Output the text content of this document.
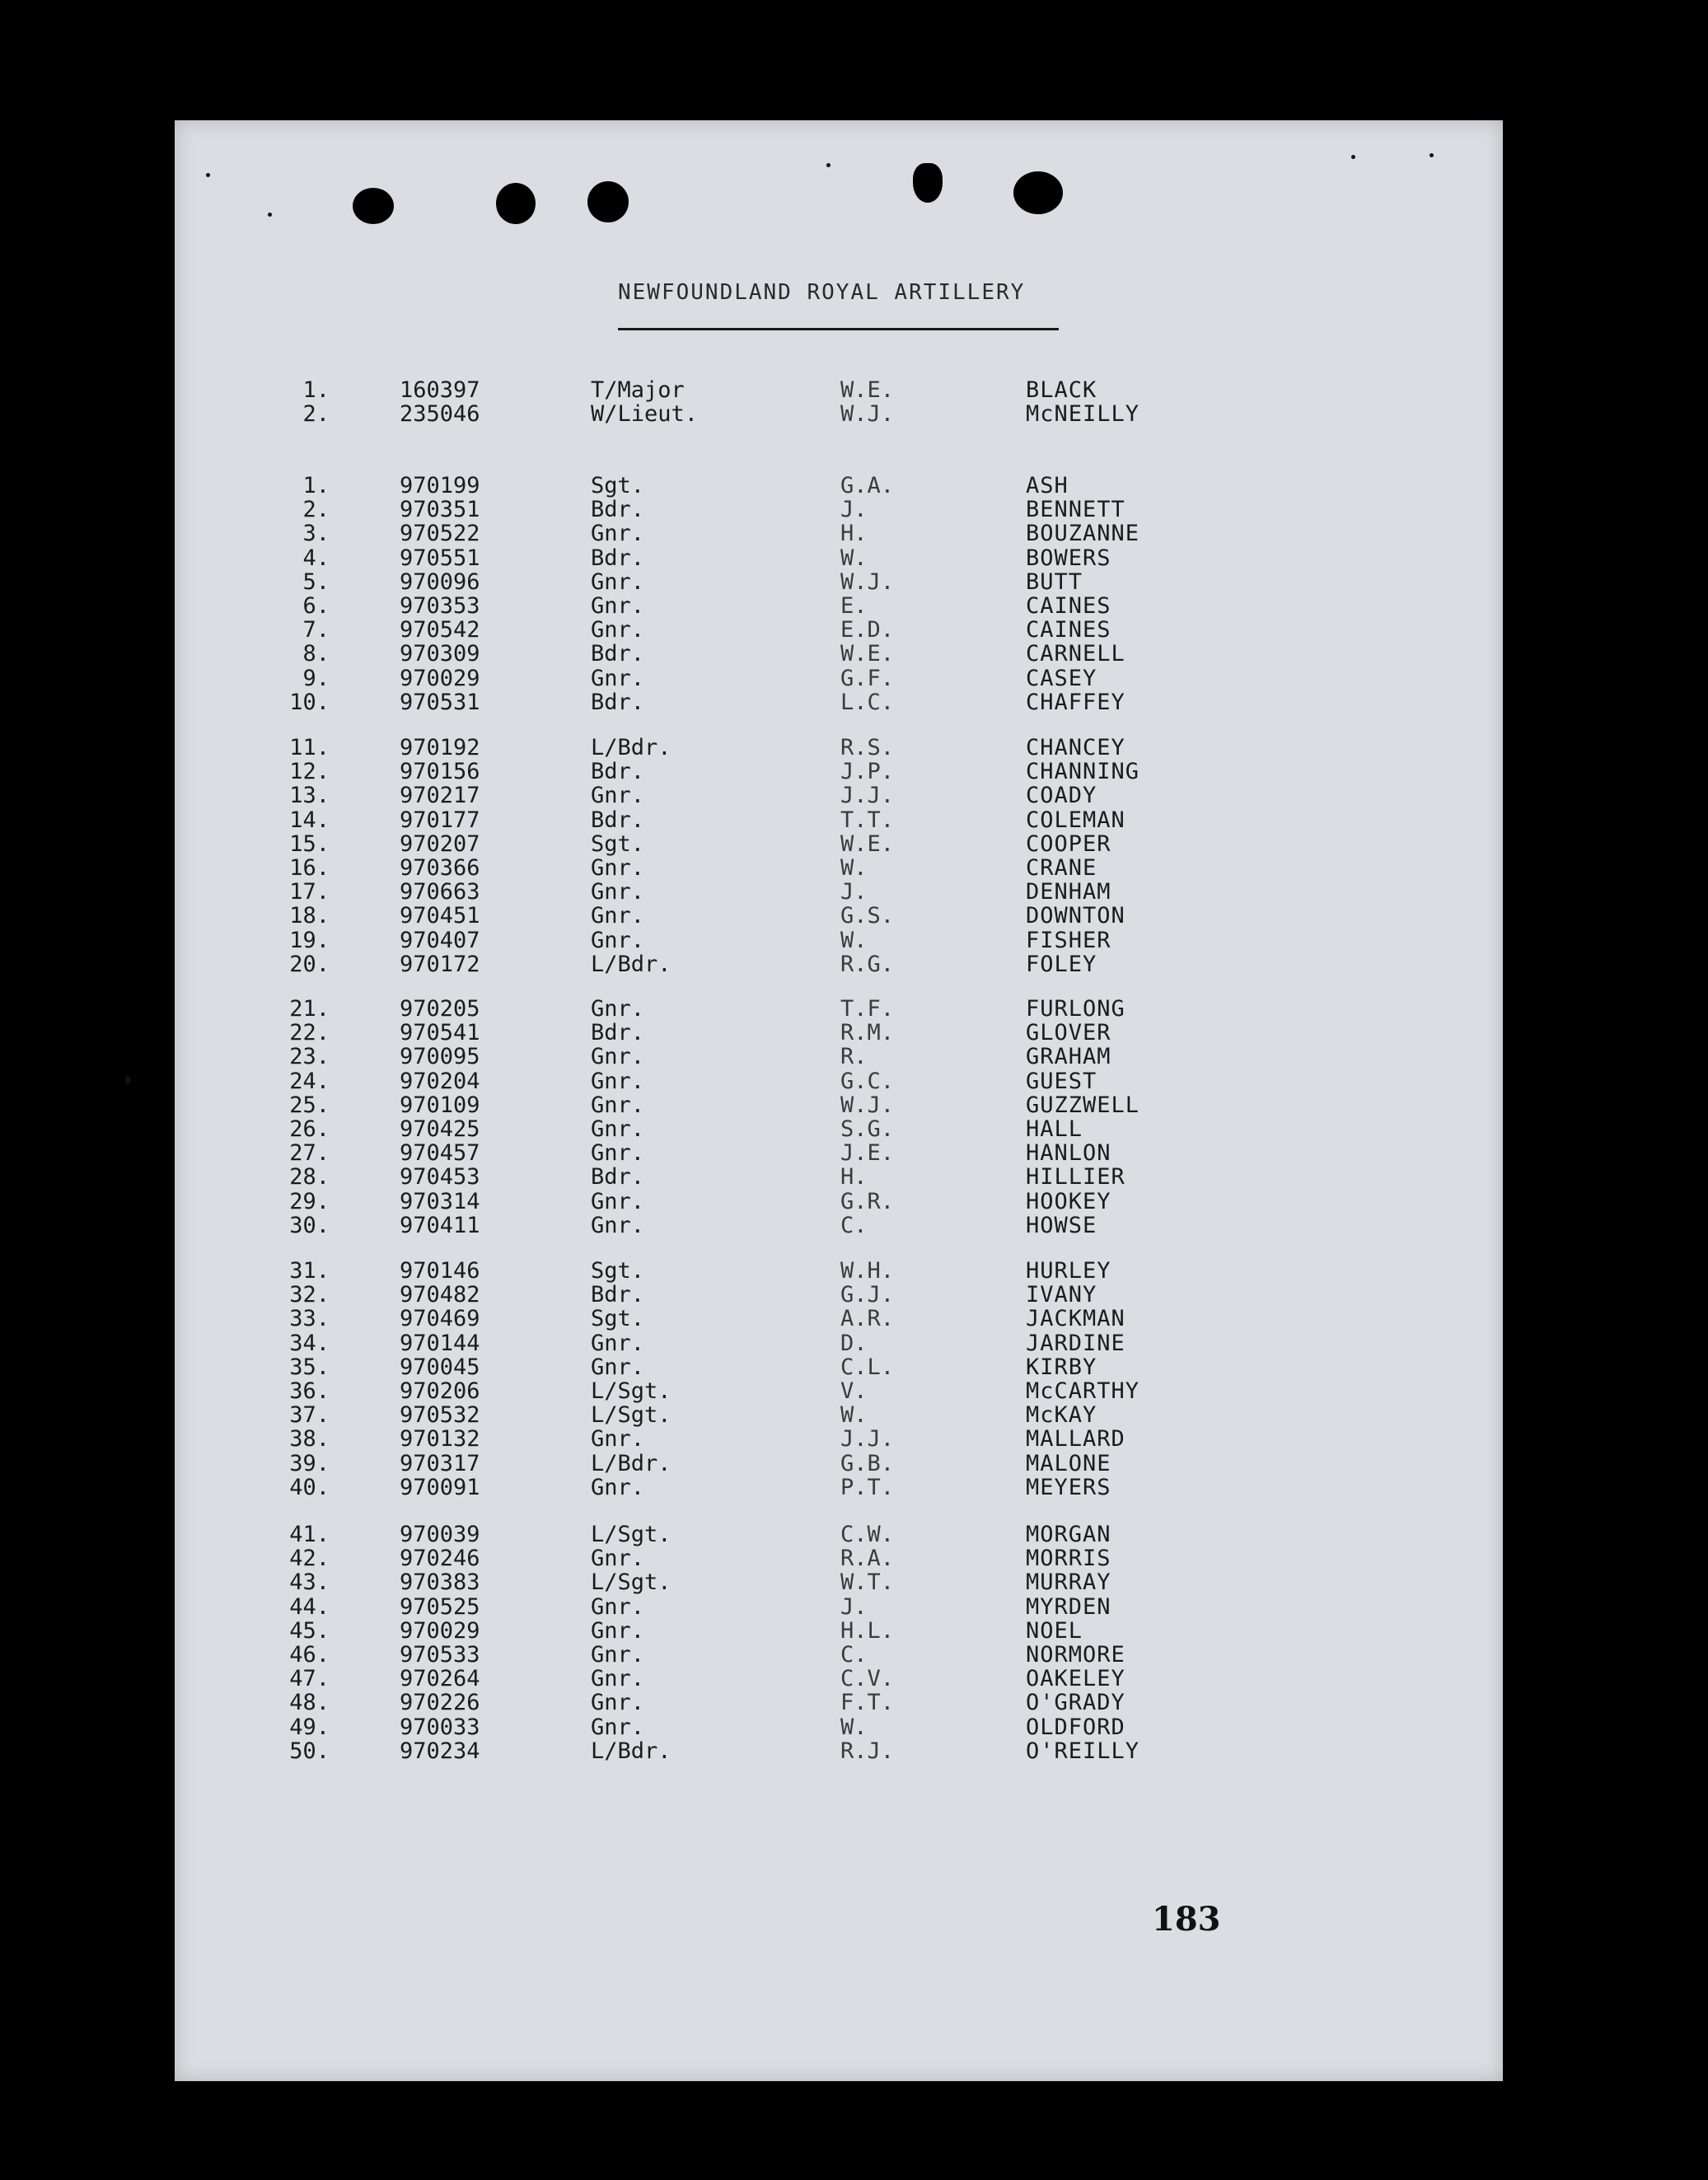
NEWFOUNDLAND ROYAL ARTILLERY
1.	160397	T/Major	W.E.	BLACK
2.	235046	W/Lieut.	W.J.	McNEILLY
1.	970199	Sgt.	G.A.	ASH
2.	970351	Bdr.	J.	BENNETT
3.	970522	Gnr.	H.	BOUZANNE
4.	970551	Bdr.	W.	BOWERS
5.	970096	Gnr.	W.J.	BUTT
6.	970353	Gnr.	E.	CAINES
7.	970542	Gnr.	E.D.	CAINES
8.	970309	Bdr.	W.E.	CARNELL
9.	970029	Gnr.	G.F.	CASEY
10.	970531	Bdr.	L.C.	CHAFFEY
11.	970192	L/Bdr.	R.S.	CHANCEY
12.	970156	Bdr.	J.P.	CHANNING
13.	970217	Gnr.	J.J.	COADY
14.	970177	Bdr.	T.T.	COLEMAN
15.	970207	Sgt.	W.E.	COOPER
16.	970366	Gnr.	W.	CRANE
17.	970663	Gnr.	J.	DENHAM
18.	970451	Gnr.	G.S.	DOWNTON
19.	970407	Gnr.	W.	FISHER
20.	970172	L/Bdr.	R.G.	FOLEY
21.	970205	Gnr.	T.F.	FURLONG
22.	970541	Bdr.	R.M.	GLOVER
23.	970095	Gnr.	R.	GRAHAM
24.	970204	Gnr.	G.C.	GUEST
25.	970109	Gnr.	W.J.	GUZZWELL
26.	970425	Gnr.	S.G.	HALL
27.	970457	Gnr.	J.E.	HANLON
28.	970453	Bdr.	H.	HILLIER
29.	970314	Gnr.	G.R.	HOOKEY
30.	970411	Gnr.	C.	HOWSE
31.	970146	Sgt.	W.H.	HURLEY
32.	970482	Bdr.	G.J.	IVANY
33.	970469	Sgt.	A.R.	JACKMAN
34.	970144	Gnr.	D.	JARDINE
35.	970045	Gnr.	C.L.	KIRBY
36.	970206	L/Sgt.	V.	McCARTHY
37.	970532	L/Sgt.	W.	McKAY
38.	970132	Gnr.	J.J.	MALLARD
39.	970317	L/Bdr.	G.B.	MALONE
40.	970091	Gnr.	P.T.	MEYERS
41.	970039	L/Sgt.	C.W.	MORGAN
42.	970246	Gnr.	R.A.	MORRIS
43.	970383	L/Sgt.	W.T.	MURRAY
44.	970525	Gnr.	J.	MYRDEN
45.	970029	Gnr.	H.L.	NOEL
46.	970533	Gnr.	C.	NORMORE
47.	970264	Gnr.	C.V.	OAKELEY
48.	970226	Gnr.	F.T.	O'GRADY
49.	970033	Gnr.	W.	OLDFORD
50.	970234	L/Bdr.	R.J.	O'REILLY
183
